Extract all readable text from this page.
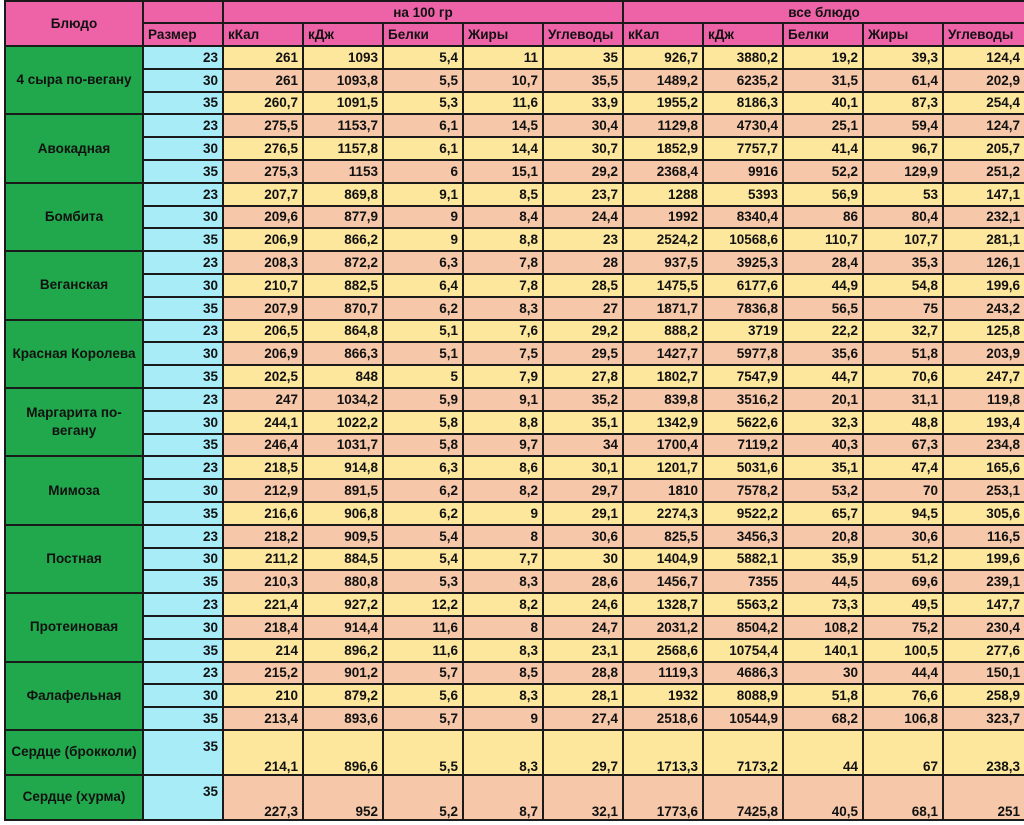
Блюдо		на 100 гр					все блюдо				
	Размер	кКал	кДж	Белки	Жиры	Углеводы	кКал	кДж	Белки	Жиры	Углеводы
4 сыра по-вегану	23	261	1093	5,4	11	35	926,7	3880,2	19,2	39,3	124,4
	30	261	1093,8	5,5	10,7	35,5	1489,2	6235,2	31,5	61,4	202,9
	35	260,7	1091,5	5,3	11,6	33,9	1955,2	8186,3	40,1	87,3	254,4
Авокадная	23	275,5	1153,7	6,1	14,5	30,4	1129,8	4730,4	25,1	59,4	124,7
	30	276,5	1157,8	6,1	14,4	30,7	1852,9	7757,7	41,4	96,7	205,7
	35	275,3	1153	6	15,1	29,2	2368,4	9916	52,2	129,9	251,2
Бомбита	23	207,7	869,8	9,1	8,5	23,7	1288	5393	56,9	53	147,1
	30	209,6	877,9	9	8,4	24,4	1992	8340,4	86	80,4	232,1
	35	206,9	866,2	9	8,8	23	2524,2	10568,6	110,7	107,7	281,1
Веганская	23	208,3	872,2	6,3	7,8	28	937,5	3925,3	28,4	35,3	126,1
	30	210,7	882,5	6,4	7,8	28,5	1475,5	6177,6	44,9	54,8	199,6
	35	207,9	870,7	6,2	8,3	27	1871,7	7836,8	56,5	75	243,2
Красная Королева	23	206,5	864,8	5,1	7,6	29,2	888,2	3719	22,2	32,7	125,8
	30	206,9	866,3	5,1	7,5	29,5	1427,7	5977,8	35,6	51,8	203,9
	35	202,5	848	5	7,9	27,8	1802,7	7547,9	44,7	70,6	247,7
Маргарита по-вегану	23	247	1034,2	5,9	9,1	35,2	839,8	3516,2	20,1	31,1	119,8
	30	244,1	1022,2	5,8	8,8	35,1	1342,9	5622,6	32,3	48,8	193,4
	35	246,4	1031,7	5,8	9,7	34	1700,4	7119,2	40,3	67,3	234,8
Мимоза	23	218,5	914,8	6,3	8,6	30,1	1201,7	5031,6	35,1	47,4	165,6
	30	212,9	891,5	6,2	8,2	29,7	1810	7578,2	53,2	70	253,1
	35	216,6	906,8	6,2	9	29,1	2274,3	9522,2	65,7	94,5	305,6
Постная	23	218,2	909,5	5,4	8	30,6	825,5	3456,3	20,8	30,6	116,5
	30	211,2	884,5	5,4	7,7	30	1404,9	5882,1	35,9	51,2	199,6
	35	210,3	880,8	5,3	8,3	28,6	1456,7	7355	44,5	69,6	239,1
Протеиновая	23	221,4	927,2	12,2	8,2	24,6	1328,7	5563,2	73,3	49,5	147,7
	30	218,4	914,4	11,6	8	24,7	2031,2	8504,2	108,2	75,2	230,4
	35	214	896,2	11,6	8,3	23,1	2568,6	10754,4	140,1	100,5	277,6
Фалафельная	23	215,2	901,2	5,7	8,5	28,8	1119,3	4686,3	30	44,4	150,1
	30	210	879,2	5,6	8,3	28,1	1932	8088,9	51,8	76,6	258,9
	35	213,4	893,6	5,7	9	27,4	2518,6	10544,9	68,2	106,8	323,7
Сердце (брокколи)	35	214,1	896,6	5,5	8,3	29,7	1713,3	7173,2	44	67	238,3
Сердце (хурма)	35	227,3	952	5,2	8,7	32,1	1773,6	7425,8	40,5	68,1	251
